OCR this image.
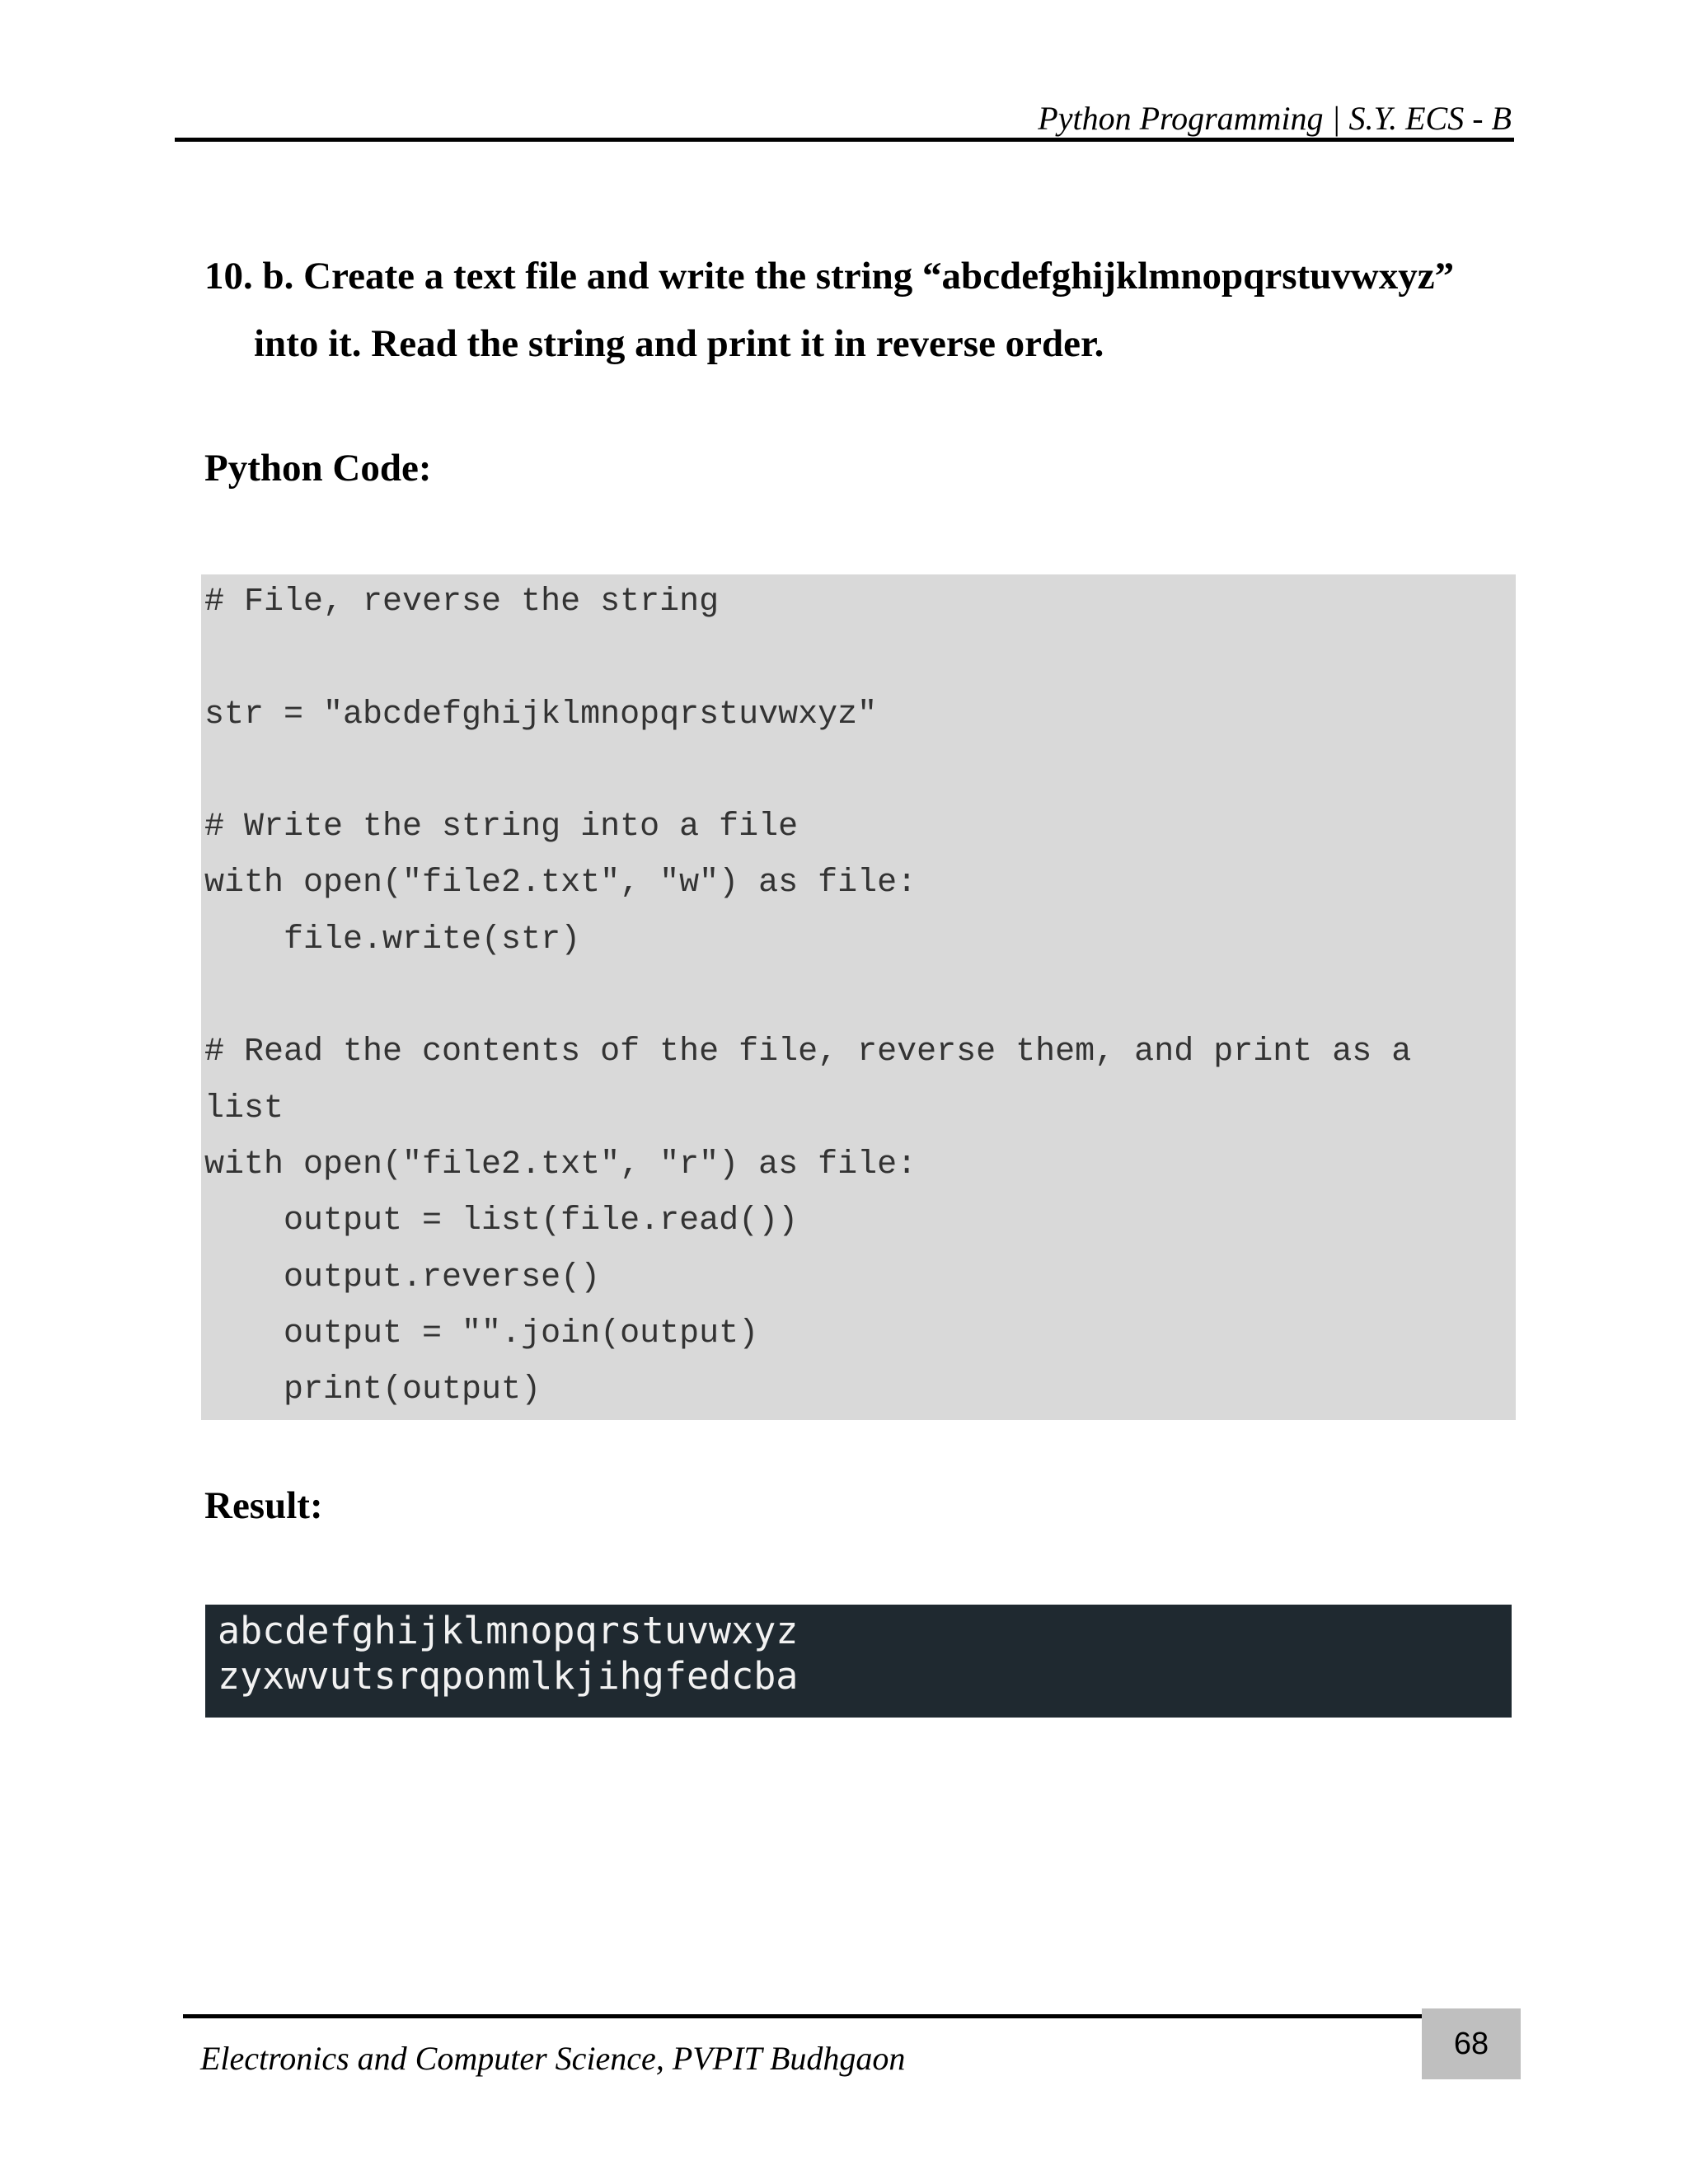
Python Programming | S.Y. ECS - B
10. b. Create a text file and write the string “abcdefghijklmnopqrstuvwxyz”
into it. Read the string and print it in reverse order.
Python Code:
# File, reverse the string
str = "abcdefghijklmnopqrstuvwxyz"
# Write the string into a file
with open("file2.txt", "w") as file:
file.write(str)
# Read the contents of the file, reverse them, and print as a
list
with open("file2.txt", "r") as file:
output = list(file.read())
output.reverse()
output = "".join(output)
print(output)
Result:
abcdefghijklmnopqrstuvwxyz
zyxwvutsrqponmlkjihgfedcba
Electronics and Computer Science, PVPIT Budhgaon	68
